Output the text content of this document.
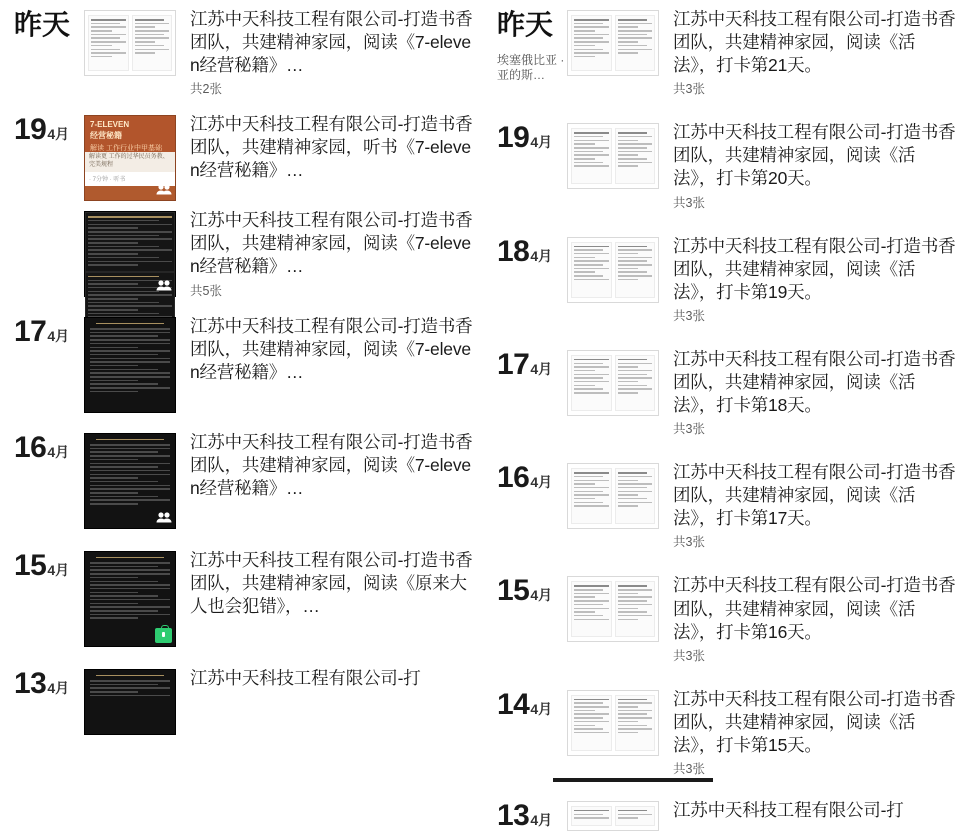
昨天	江苏中天科技工程有限公司-打造书香团队，共建精神家园，阅读《7-eleven经营秘籍》…
共2张
194月
7-ELEVEN
经营秘籍
解读 工作行业中甲基础
解读更 工作的过华民员务教、完美规程
· 7分钟 · 听书
江苏中天科技工程有限公司-打造书香团队，共建精神家园，听书《7-eleven经营秘籍》…
江苏中天科技工程有限公司-打造书香团队，共建精神家园，阅读《7-eleven经营秘籍》…
共5张
174月	江苏中天科技工程有限公司-打造书香团队，共建精神家园，阅读《7-eleven经营秘籍》…
164月	江苏中天科技工程有限公司-打造书香团队，共建精神家园，阅读《7-eleven经营秘籍》…
154月	江苏中天科技工程有限公司-打造书香团队，共建精神家园，阅读《原来大人也会犯错》，…
134月	江苏中天科技工程有限公司-打
昨天
埃塞俄比亚 · 亚的斯…
江苏中天科技工程有限公司-打造书香团队，共建精神家园，阅读《活法》，打卡第21天。
共3张
194月	江苏中天科技工程有限公司-打造书香团队，共建精神家园，阅读《活法》，打卡第20天。
共3张
184月	江苏中天科技工程有限公司-打造书香团队，共建精神家园，阅读《活法》，打卡第19天。
共3张
174月	江苏中天科技工程有限公司-打造书香团队，共建精神家园，阅读《活法》，打卡第18天。
共3张
164月	江苏中天科技工程有限公司-打造书香团队，共建精神家园，阅读《活法》，打卡第17天。
共3张
154月	江苏中天科技工程有限公司-打造书香团队，共建精神家园，阅读《活法》，打卡第16天。
共3张
144月	江苏中天科技工程有限公司-打造书香团队，共建精神家园，阅读《活法》，打卡第15天。
共3张
134月	江苏中天科技工程有限公司-打
